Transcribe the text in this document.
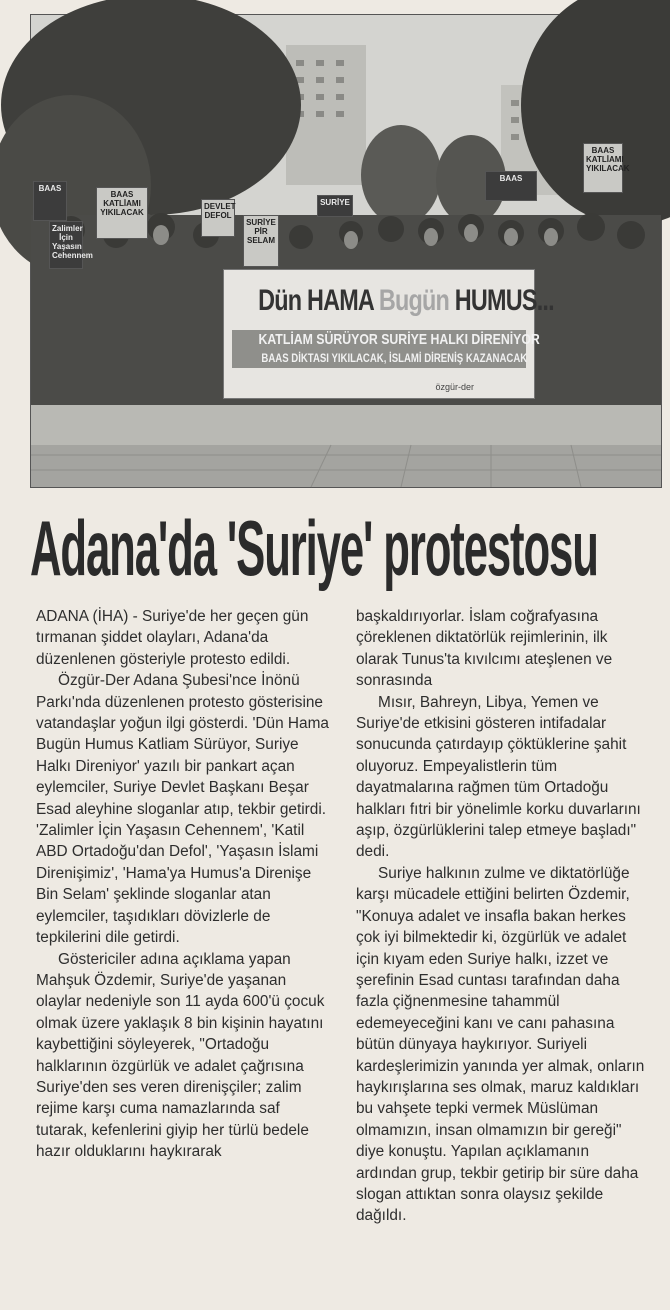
BAAS
BAAS KATLİAMI YIKILACAK
Zalimler İçin Yaşasın Cehennem
DEVLET DEFOL
SURİYE PİR SELAM
SURİYE
BAAS
BAAS KATLİAMI YIKILACAK
Dün HAMA Bugün HUMUS...
KATLİAM SÜRÜYOR SURİYE HALKI DİRENİYOR
BAAS DİKTASI YIKILACAK, İSLAMİ DİRENİŞ KAZANACAK
özgür-der
Adana'da 'Suriye' protestosu

ADANA (İHA) - Suriye'de her geçen gün tırmanan şiddet olayları, Adana'da düzenlenen gösteriyle protesto edildi.

Özgür-Der Adana Şubesi'nce İnönü Parkı'nda düzenlenen protesto gösterisine vatandaşlar yoğun ilgi gösterdi. 'Dün Hama Bugün Humus Katliam Sürüyor, Suriye Halkı Direniyor' yazılı bir pankart açan eylemciler, Suriye Devlet Başkanı Beşar Esad aleyhine sloganlar atıp, tekbir getirdi. 'Zalimler İçin Yaşasın Cehennem', 'Katil ABD Ortadoğu'dan Defol', 'Yaşasın İslami Direnişimiz', 'Hama'ya Humus'a Direnişe Bin Selam' şeklinde sloganlar atan eylemciler, taşıdıkları dövizlerle de tepkilerini dile getirdi.

Göstericiler adına açıklama yapan Mahşuk Özdemir, Suriye'de yaşanan olaylar nedeniyle son 11 ayda 600'ü çocuk olmak üzere yaklaşık 8 bin kişinin hayatını kaybettiğini söyleyerek, "Ortadoğu halklarının özgürlük ve adalet çağrısına Suriye'den ses veren direnişçiler; zalim rejime karşı cuma namazlarında saf tutarak, kefenlerini giyip her türlü bedele hazır olduklarını haykırarak

başkaldırıyorlar. İslam coğrafyasına çöreklenen diktatörlük rejimlerinin, ilk olarak Tunus'ta kıvılcımı ateşlenen ve sonrasında

Mısır, Bahreyn, Libya, Yemen ve Suriye'de etkisini gösteren intifadalar sonucunda çatırdayıp çöktüklerine şahit oluyoruz. Empeyalistlerin tüm dayatmalarına rağmen tüm Ortadoğu halkları fıtri bir yönelimle korku duvarlarını aşıp, özgürlüklerini talep etmeye başladı" dedi.

Suriye halkının zulme ve diktatörlüğe karşı mücadele ettiğini belirten Özdemir, "Konuya adalet ve insafla bakan herkes çok iyi bilmektedir ki, özgürlük ve adalet için kıyam eden Suriye halkı, izzet ve şerefinin Esad cuntası tarafından daha fazla çiğnenmesine tahammül edemeyeceğini kanı ve canı pahasına bütün dünyaya haykırıyor. Suriyeli kardeşlerimizin yanında yer almak, onların haykırışlarına ses olmak, maruz kaldıkları bu vahşete tepki vermek Müslüman olmamızın, insan olmamızın bir gereği" diye konuştu. Yapılan açıklamanın ardından grup, tekbir getirip bir süre daha slogan attıktan sonra olaysız şekilde dağıldı.
